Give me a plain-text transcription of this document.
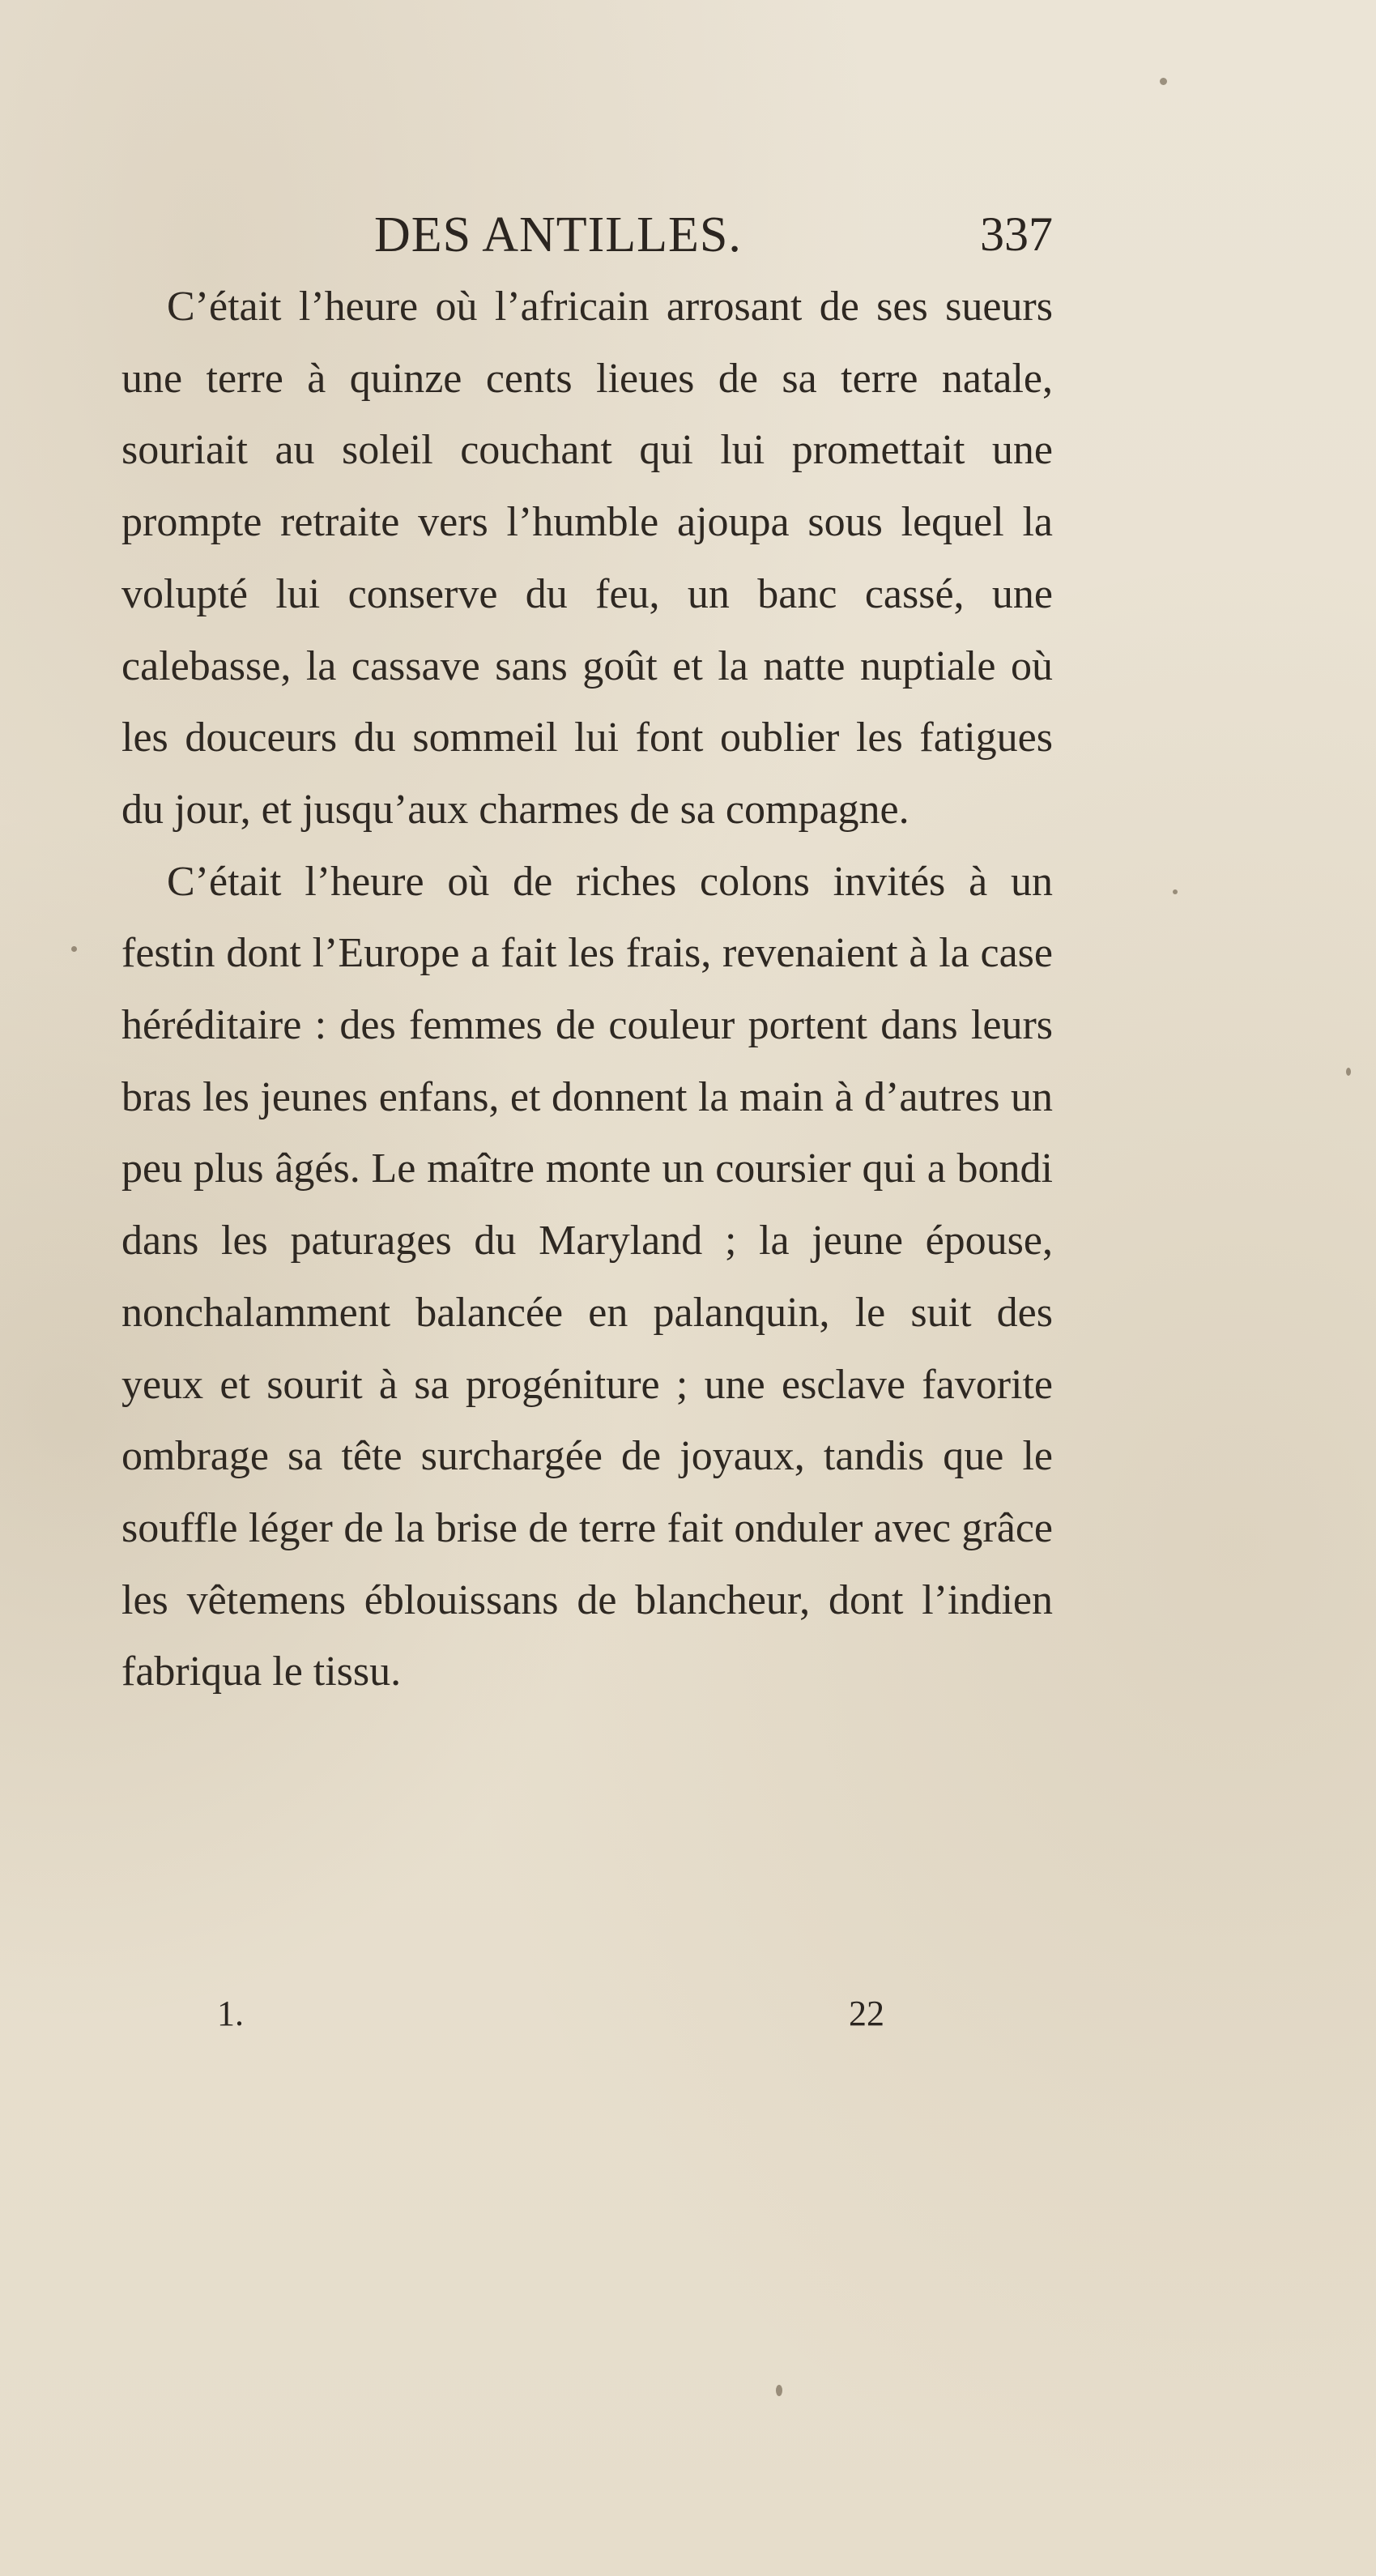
DES ANTILLES.	337

C’était l’heure où l’africain arrosant de ses sueurs une terre à quinze cents lieues de sa terre natale, souriait au soleil couchant qui lui promettait une prompte retraite vers l’humble ajoupa sous lequel la volupté lui conserve du feu, un banc cassé, une calebasse, la cassave sans goût et la natte nuptiale où les douceurs du sommeil lui font oublier les fatigues du jour, et jusqu’aux charmes de sa compagne.

C’était l’heure où de riches colons invités à un festin dont l’Europe a fait les frais, revenaient à la case héréditaire : des femmes de couleur portent dans leurs bras les jeunes enfans, et donnent la main à d’autres un peu plus âgés. Le maître monte un coursier qui a bondi dans les paturages du Maryland ; la jeune épouse, nonchalamment balancée en palanquin, le suit des yeux et sourit à sa progéniture ; une esclave favorite ombrage sa tête surchargée de joyaux, tandis que le souffle léger de la brise de terre fait onduler avec grâce les vêtemens éblouissans de blancheur, dont l’indien fabriqua le tissu.

1.	22
